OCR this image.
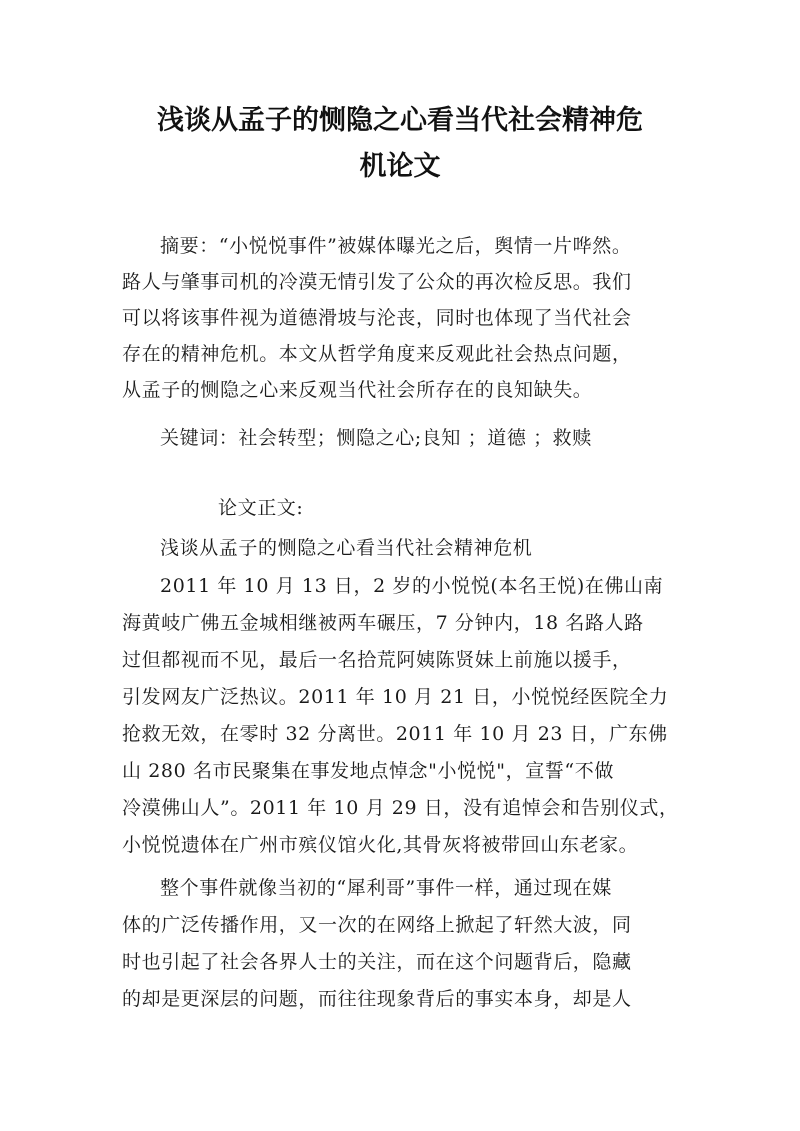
浅谈从孟子的恻隐之心看当代社会精神危
机论文
摘要：“小悦悦事件”被媒体曝光之后，舆情一片哗然。
路人与肇事司机的冷漠无情引发了公众的再次检反思。我们
可以将该事件视为道德滑坡与沦丧，同时也体现了当代社会
存在的精神危机。本文从哲学角度来反观此社会热点问题，
从孟子的恻隐之心来反观当代社会所存在的良知缺失。
关键词：社会转型；恻隐之心;良知 ；道德 ；救赎
论文正文:
浅谈从孟子的恻隐之心看当代社会精神危机
2011 年 10 月 13 日，2 岁的小悦悦(本名王悦)在佛山南
海黄岐广佛五金城相继被两车碾压，7 分钟内，18 名路人路
过但都视而不见，最后一名拾荒阿姨陈贤妹上前施以援手，
引发网友广泛热议。2011 年 10 月 21 日，小悦悦经医院全力
抢救无效，在零时 32 分离世。2011 年 10 月 23 日，广东佛
山 280 名市民聚集在事发地点悼念"小悦悦"，宣誓“不做
冷漠佛山人”。2011 年 10 月 29 日，没有追悼会和告别仪式，
小悦悦遗体在广州市殡仪馆火化,其骨灰将被带回山东老家。
整个事件就像当初的“犀利哥”事件一样，通过现在媒
体的广泛传播作用，又一次的在网络上掀起了轩然大波，同
时也引起了社会各界人士的关注，而在这个问题背后，隐藏
的却是更深层的问题，而往往现象背后的事实本身，却是人
